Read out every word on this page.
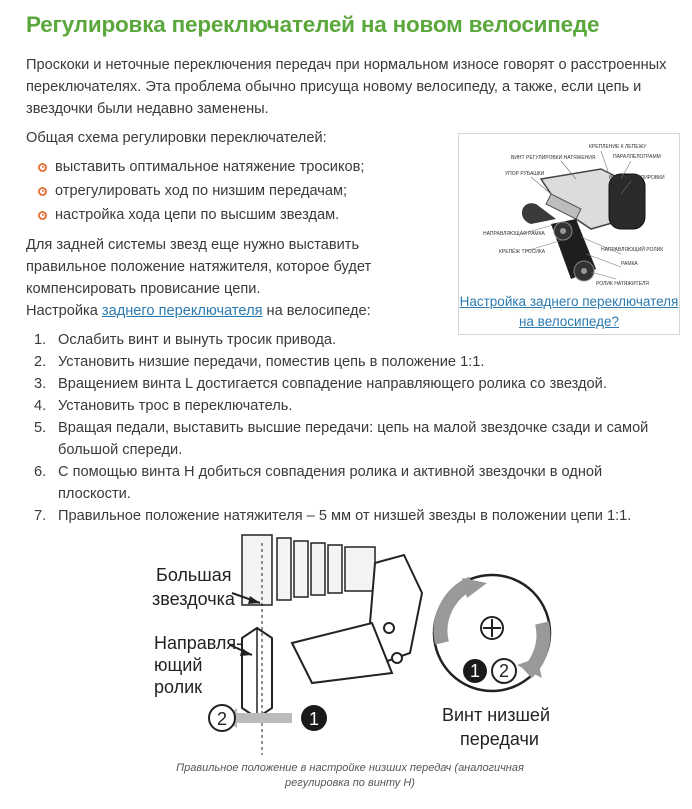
Регулировка переключателей на новом велосипеде

Проскоки и неточные переключения передач при нормальном износе говорят о расстроенных переключателях. Эта проблема обычно присуща новому велосипеду, а также, если цепь и звездочки были недавно заменены.

Общая схема регулировки переключателей:

выставить оптимальное натяжение тросиков;
отрегулировать ход по низшим передачам;
настройка хода цепи по высшим звездам.

Для задней системы звезд еще нужно выставить правильное положение натяжителя, которое будет компенсировать провисание цепи.

Настройка заднего переключателя на велосипеде:

1. Ослабить винт и вынуть тросик привода.
2. Установить низшие передачи, поместив цепь в положение 1:1.
3. Вращением винта L достигается совпадение направляющего ролика со звездой.
4. Установить трос в переключатель.
5. Вращая педали, выставить высшие передачи: цепь на малой звездочке сзади и самой большой спереди.
6. С помощью винта H добиться совпадения ролика и активной звездочки в одной плоскости.
7. Правильное положение натяжителя – 5 мм от низшей звезды в положении цепи 1:1.
КРЕПЛЕНИЕ К ЛЕПЕЖУ
ВИНТ РЕГУЛИРОВКИ НАТЯЖЕНИЯ	ПАРАЛЛЕЛОГРАММ
УПОР РУБАШКИ
ВИНТЫ РЕГУЛИРОВКИ
НАПРАВЛЯЮЩАЯ РАМКА
КРЕПЁЖ ТРОСИКА	НАПРАВЛЯЮЩИЙ РОЛИК
РАМКА
РОЛИК НАТЯЖИТЕЛЯ
Настройка заднего переключателя на велосипеде?
2	1
1 2
Большая
звездочка
Направля-
ющий
ролик
Винт низшей
передачи
Правильное положение в настройке низших передач (аналогичная регулировка по винту H)
